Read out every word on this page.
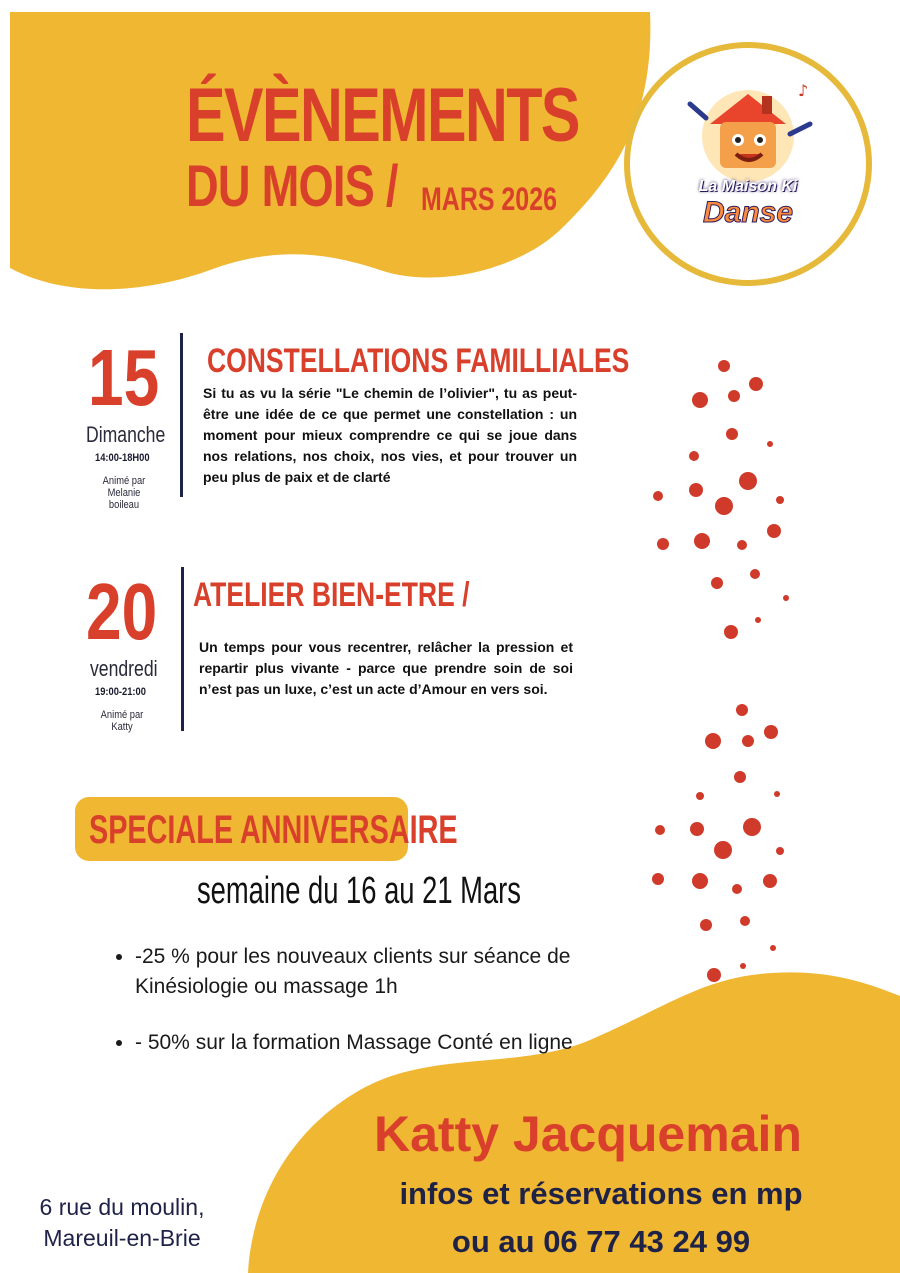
ÉVÈNEMENTS
DU MOIS / MARS 2026
♪
La Maison Ki
Danse
15
Dimanche
14:00-18H00
Animé par
Melanie
boileau
CONSTELLATIONS FAMILLIALES

Si tu as vu la série "Le chemin de l’olivier", tu as peut-être une idée de ce que permet une constellation : un moment pour mieux comprendre ce qui se joue dans nos relations, nos choix, nos vies, et pour trouver un peu plus de paix et de clarté

20
vendredi
19:00-21:00
Animé par
Katty
ATELIER BIEN-ETRE /

Un temps pour vous recentrer, relâcher la pression et repartir plus vivante - parce que prendre soin de soi n’est pas un luxe, c’est un acte d’Amour en vers soi.

SPECIALE ANNIVERSAIRE
semaine du 16 au 21 Mars
• -25 % pour les nouveaux clients sur séance de Kinésiologie ou massage 1h
• - 50% sur la formation Massage Conté en ligne
6 rue du moulin,
Mareuil-en-Brie
Katty Jacquemain
infos et réservations en mp
ou au 06 77 43 24 99
